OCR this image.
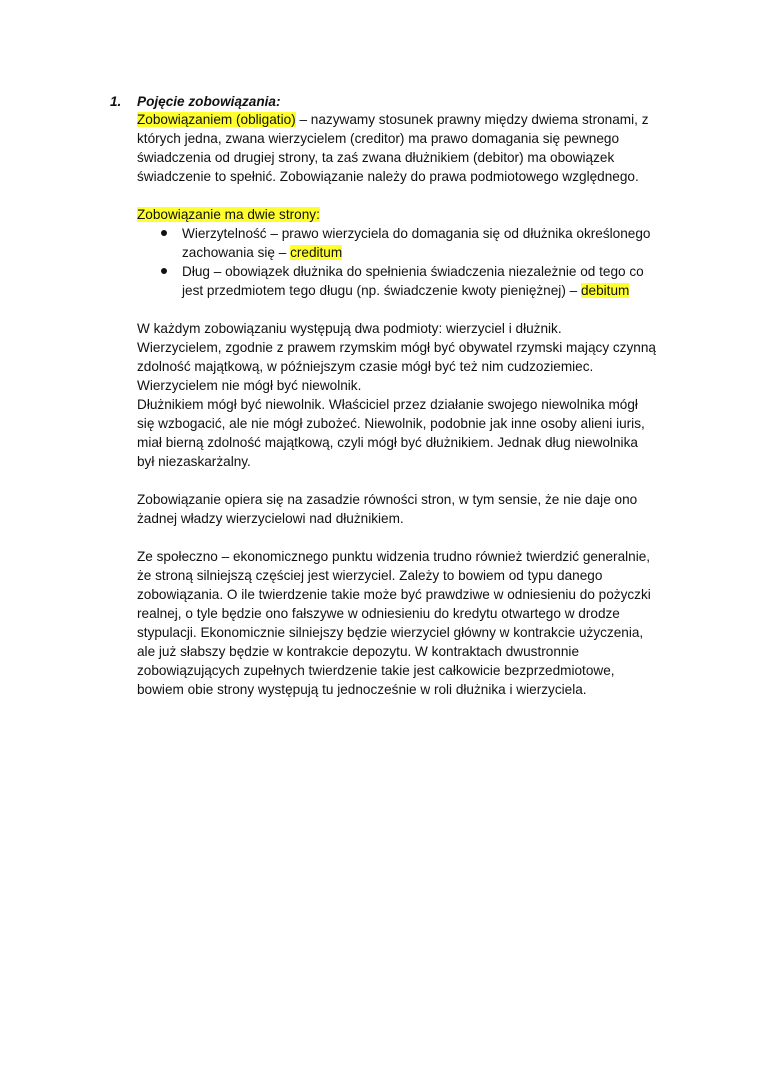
1. Pojęcie zobowiązania:
Zobowiązaniem (obligatio) – nazywamy stosunek prawny między dwiema stronami, z
których jedna, zwana wierzycielem (creditor) ma prawo domagania się pewnego
świadczenia od drugiej strony, ta zaś zwana dłużnikiem (debitor) ma obowiązek
świadczenie to spełnić. Zobowiązanie należy do prawa podmiotowego względnego.
Zobowiązanie ma dwie strony:
Wierzytelność – prawo wierzyciela do domagania się od dłużnika określonego
zachowania się – creditum
Dług – obowiązek dłużnika do spełnienia świadczenia niezależnie od tego co
jest przedmiotem tego długu (np. świadczenie kwoty pieniężnej) – debitum
W każdym zobowiązaniu występują dwa podmioty: wierzyciel i dłużnik.
Wierzycielem, zgodnie z prawem rzymskim mógł być obywatel rzymski mający czynną
zdolność majątkową, w późniejszym czasie mógł być też nim cudzoziemiec.
Wierzycielem nie mógł być niewolnik.
Dłużnikiem mógł być niewolnik. Właściciel przez działanie swojego niewolnika mógł
się wzbogacić, ale nie mógł zubożeć. Niewolnik, podobnie jak inne osoby alieni iuris,
miał bierną zdolność majątkową, czyli mógł być dłużnikiem. Jednak dług niewolnika
był niezaskarżalny.
Zobowiązanie opiera się na zasadzie równości stron, w tym sensie, że nie daje ono
żadnej władzy wierzycielowi nad dłużnikiem.
Ze społeczno – ekonomicznego punktu widzenia trudno również twierdzić generalnie,
że stroną silniejszą częściej jest wierzyciel. Zależy to bowiem od typu danego
zobowiązania. O ile twierdzenie takie może być prawdziwe w odniesieniu do pożyczki
realnej, o tyle będzie ono fałszywe w odniesieniu do kredytu otwartego w drodze
stypulacji. Ekonomicznie silniejszy będzie wierzyciel główny w kontrakcie użyczenia,
ale już słabszy będzie w kontrakcie depozytu. W kontraktach dwustronnie
zobowiązujących zupełnych twierdzenie takie jest całkowicie bezprzedmiotowe,
bowiem obie strony występują tu jednocześnie w roli dłużnika i wierzyciela.
